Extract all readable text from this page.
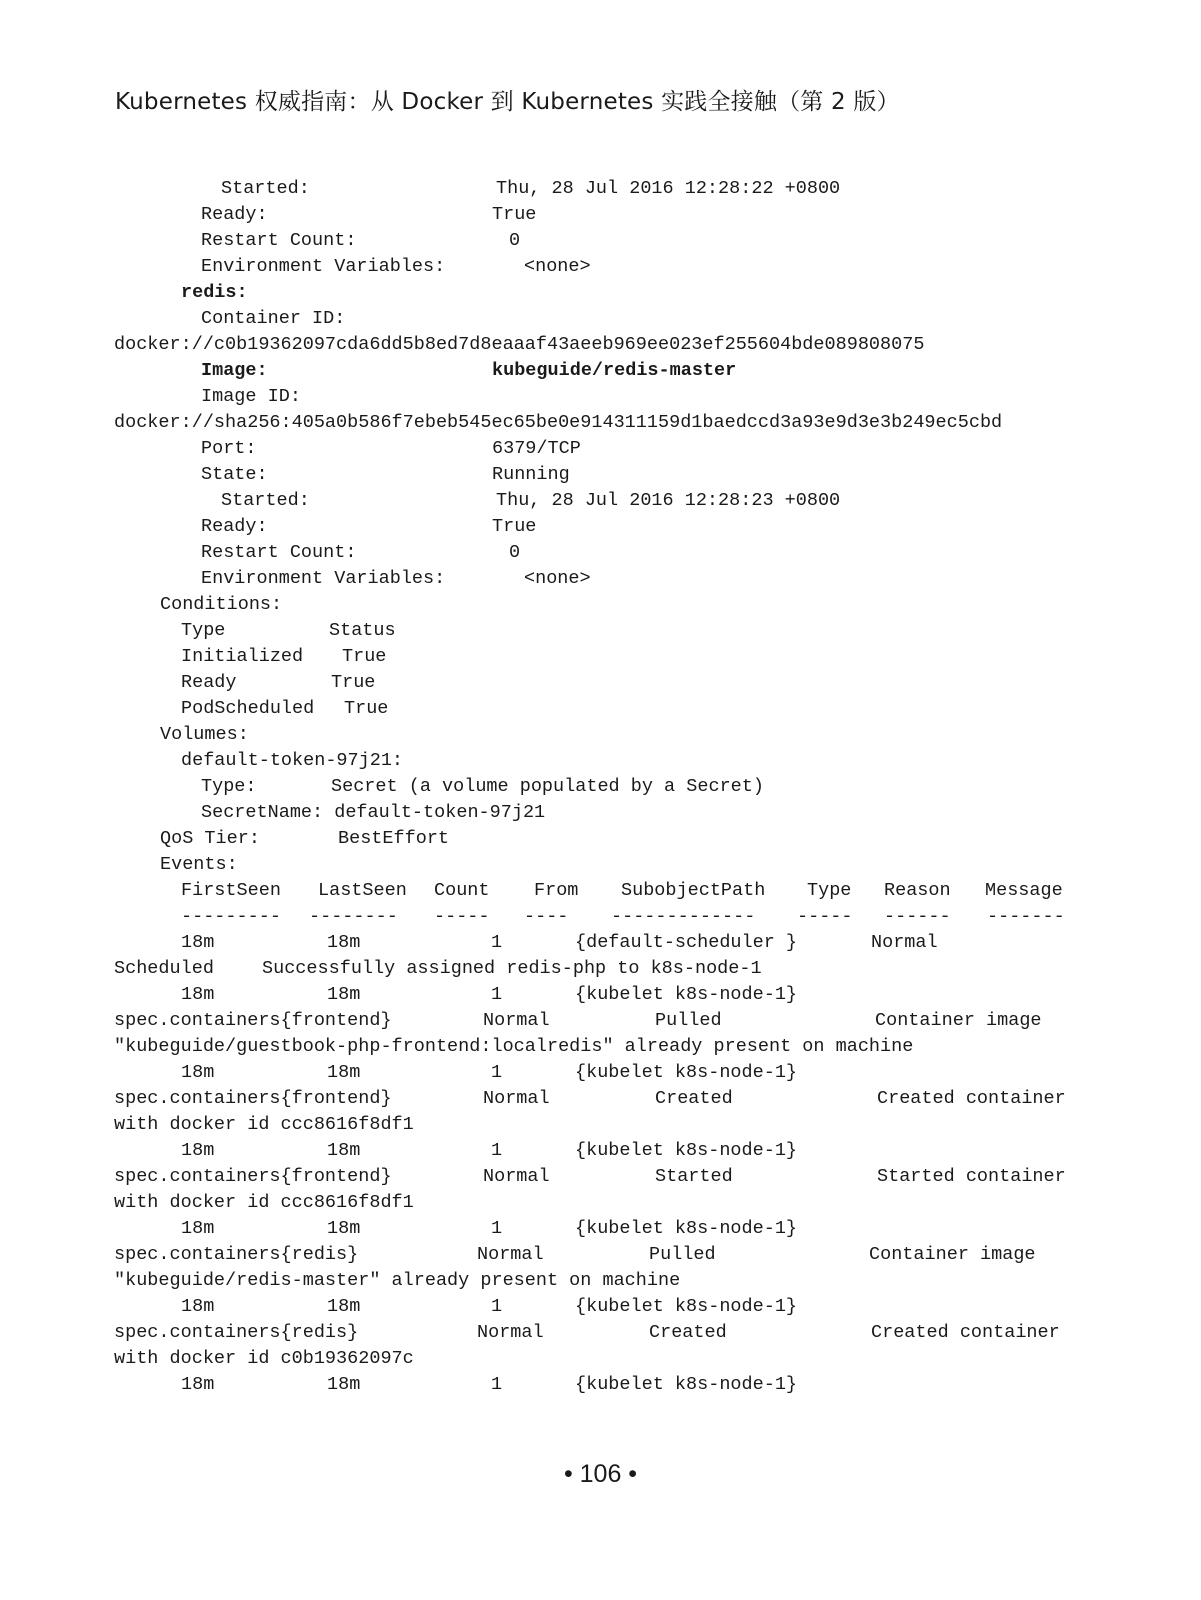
Kubernetes 权威指南：从 Docker 到 Kubernetes 实践全接触（第 2 版）
Started:	Thu, 28 Jul 2016 12:28:22 +0800
Ready:	True
Restart Count:	0
Environment Variables:	<none>
redis:
Container ID:
docker://c0b19362097cda6dd5b8ed7d8eaaaf43aeeb969ee023ef255604bde089808075
Image:	kubeguide/redis-master
Image ID:
docker://sha256:405a0b586f7ebeb545ec65be0e914311159d1baedccd3a93e9d3e3b249ec5cbd
Port:	6379/TCP
State:	Running
Started:	Thu, 28 Jul 2016 12:28:23 +0800
Ready:	True
Restart Count:	0
Environment Variables:	<none>
Conditions:
Type	Status
Initialized True
Ready	True
PodScheduled True
Volumes:
default-token-97j21:
Type:	Secret (a volume populated by a Secret)
SecretName: default-token-97j21
QoS Tier:	BestEffort
Events:
FirstSeen LastSeen Count From SubobjectPath Type Reason Message
--------- -------- ----- ---- ------------- ----- ------ -------
18m	18m	1	{default-scheduler }	Normal
Scheduled	Successfully assigned redis-php to k8s-node-1
18m	18m	1	{kubelet k8s-node-1}
spec.containers{frontend}	Normal	Pulled	Container image
"kubeguide/guestbook-php-frontend:localredis" already present on machine
18m	18m	1	{kubelet k8s-node-1}
spec.containers{frontend}	Normal	Created	Created container
with docker id ccc8616f8df1
18m	18m	1	{kubelet k8s-node-1}
spec.containers{frontend}	Normal	Started	Started container
with docker id ccc8616f8df1
18m	18m	1	{kubelet k8s-node-1}
spec.containers{redis}	Normal	Pulled	Container image
"kubeguide/redis-master" already present on machine
18m	18m	1	{kubelet k8s-node-1}
spec.containers{redis}	Normal	Created	Created container
with docker id c0b19362097c
18m	18m	1	{kubelet k8s-node-1}
• 106 •
